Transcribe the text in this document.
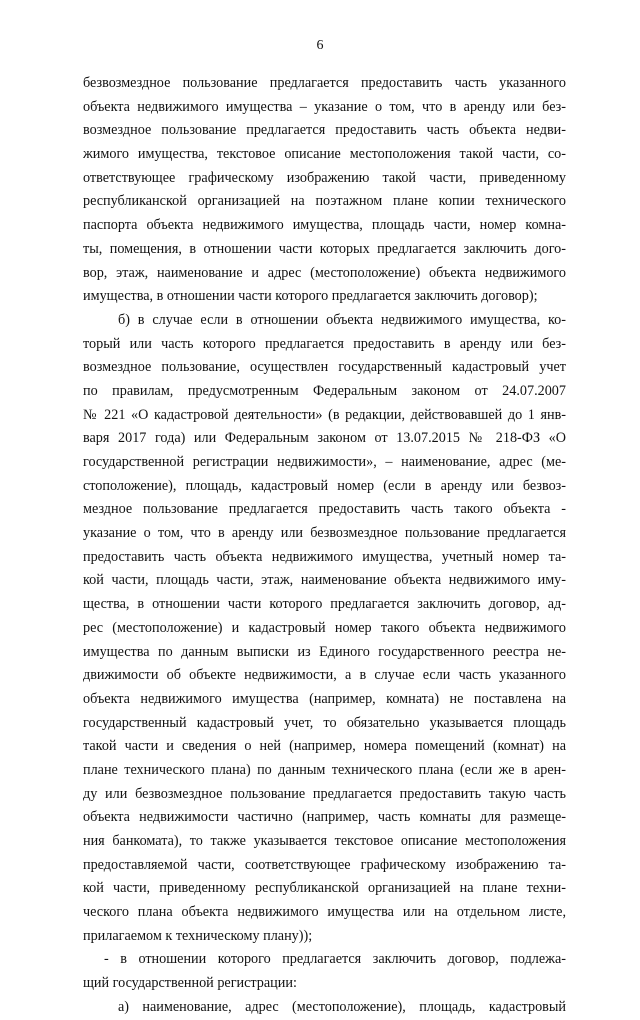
6
безвозмездное пользование предлагается предоставить часть указанного
объекта недвижимого имущества – указание о том, что в аренду или без-
возмездное пользование предлагается предоставить часть объекта недви-
жимого имущества, текстовое описание местоположения такой части, со-
ответствующее графическому изображению такой части, приведенному
республиканской организацией на поэтажном плане копии технического
паспорта объекта недвижимого имущества, площадь части, номер комна-
ты, помещения, в отношении части которых предлагается заключить дого-
вор, этаж, наименование и адрес (местоположение) объекта недвижимого
имущества, в отношении части которого предлагается заключить договор);
б) в случае если в отношении объекта недвижимого имущества, ко-
торый или часть которого предлагается предоставить в аренду или без-
возмездное пользование, осуществлен государственный кадастровый учет
по правилам, предусмотренным Федеральным законом от 24.07.2007
№ 221 «О кадастровой деятельности» (в редакции, действовавшей до 1 янв-
варя 2017 года) или Федеральным законом от 13.07.2015 № 218-ФЗ «О
государственной регистрации недвижимости», – наименование, адрес (ме-
стоположение), площадь, кадастровый номер (если в аренду или безвоз-
мездное пользование предлагается предоставить часть такого объекта -
указание о том, что в аренду или безвозмездное пользование предлагается
предоставить часть объекта недвижимого имущества, учетный номер та-
кой части, площадь части, этаж, наименование объекта недвижимого иму-
щества, в отношении части которого предлагается заключить договор, ад-
рес (местоположение) и кадастровый номер такого объекта недвижимого
имущества по данным выписки из Единого государственного реестра не-
движимости об объекте недвижимости, а в случае если часть указанного
объекта недвижимого имущества (например, комната) не поставлена на
государственный кадастровый учет, то обязательно указывается площадь
такой части и сведения о ней (например, номера помещений (комнат) на
плане технического плана) по данным технического плана (если же в арен-
ду или безвозмездное пользование предлагается предоставить такую часть
объекта недвижимости частично (например, часть комнаты для размеще-
ния банкомата), то также указывается текстовое описание местоположения
предоставляемой части, соответствующее графическому изображению та-
кой части, приведенному республиканской организацией на плане техни-
ческого плана объекта недвижимого имущества или на отдельном листе,
прилагаемом к техническому плану));
- в отношении которого предлагается заключить договор, подлежа-
щий государственной регистрации:
а) наименование, адрес (местоположение), площадь, кадастровый
